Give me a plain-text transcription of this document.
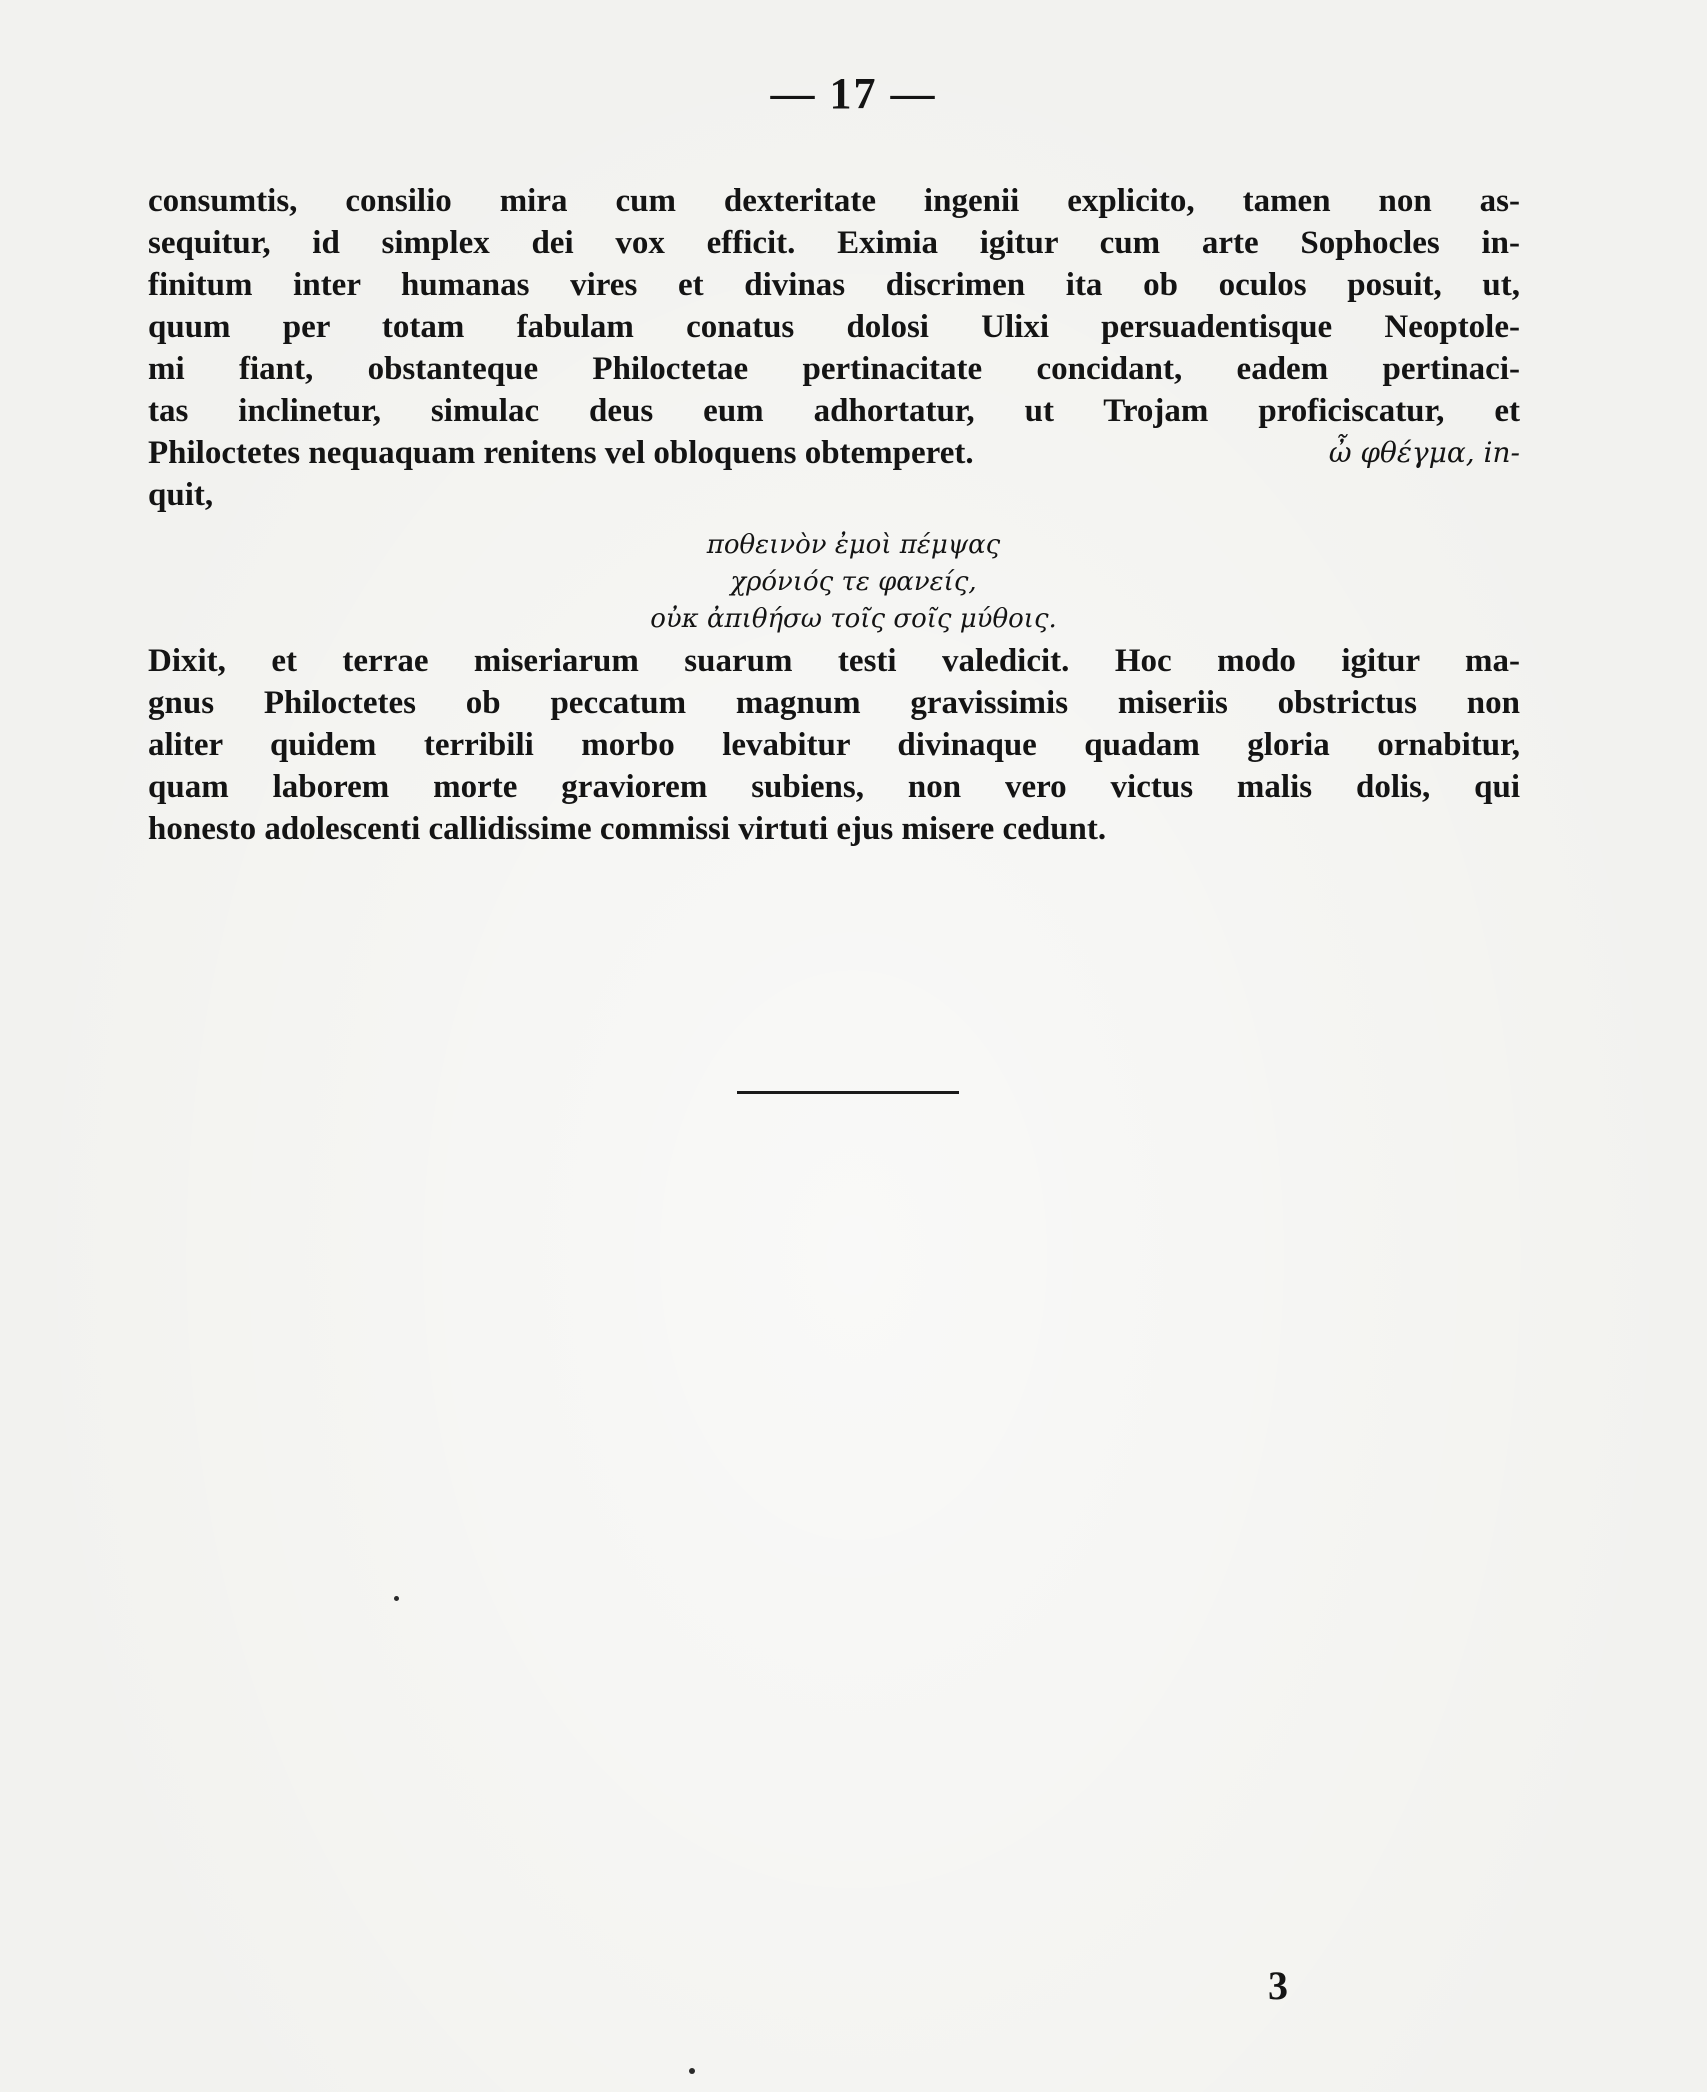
— 17 —
consumtis, consilio mira cum dexteritate ingenii explicito, tamen non as-
sequitur, id simplex dei vox efficit. Eximia igitur cum arte Sophocles in-
finitum inter humanas vires et divinas discrimen ita ob oculos posuit, ut,
quum per totam fabulam conatus dolosi Ulixi persuadentisque Neoptole-
mi fiant, obstanteque Philoctetae pertinacitate concidant, eadem pertinaci-
tas inclinetur, simulac deus eum adhortatur, ut Trojam proficiscatur, et
Philoctetes nequaquam renitens vel obloquens obtemperet.	ὦ φθέγμα, in-
quit,
ποθεινὸν ἐμοὶ πέμψας
χρόνιός τε φανείς,
οὐκ ἀπιθήσω τοῖς σοῖς μύθοις.
Dixit, et terrae miseriarum suarum testi valedicit. Hoc modo igitur ma-
gnus Philoctetes ob peccatum magnum gravissimis miseriis obstrictus non
aliter quidem terribili morbo levabitur divinaque quadam gloria ornabitur,
quam laborem morte graviorem subiens, non vero victus malis dolis, qui
honesto adolescenti callidissime commissi virtuti ejus misere cedunt.
3
